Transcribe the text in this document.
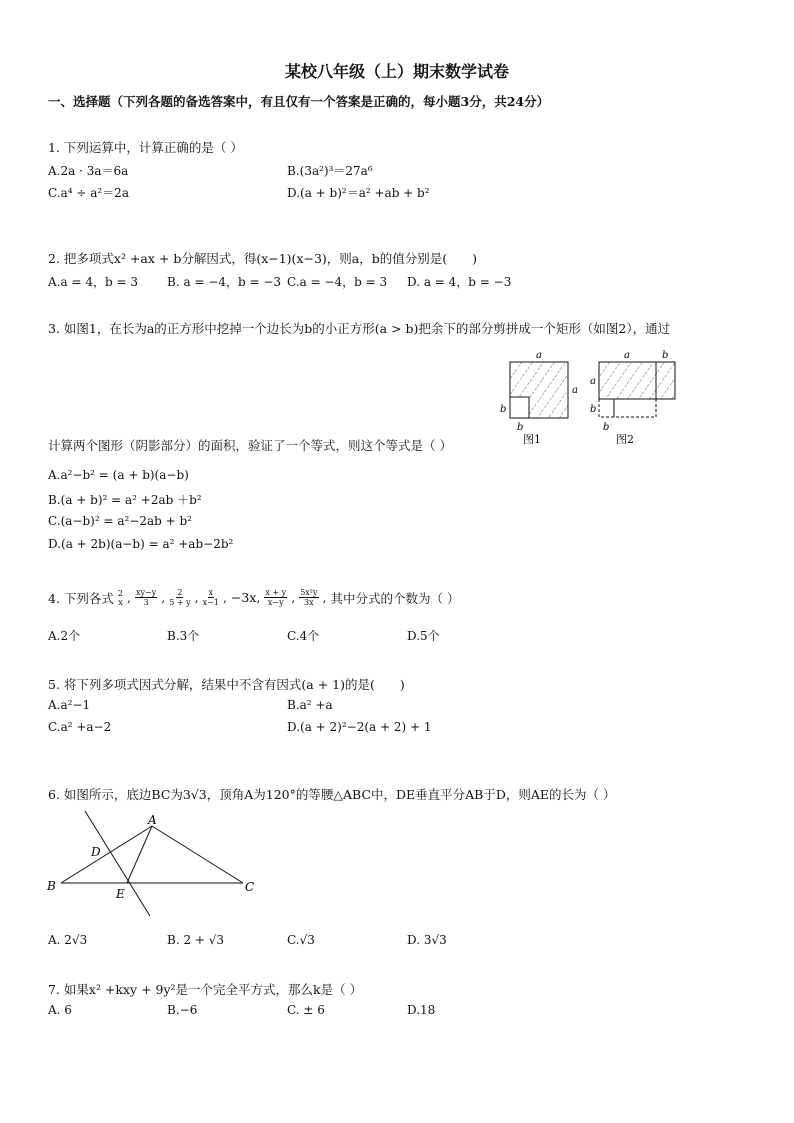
某校八年级（上）期末数学试卷
一、选择题（下列各题的备选答案中，有且仅有一个答案是正确的，每小题3分，共24分）
1. 下列运算中，计算正确的是（ ）
A.2a · 3a＝6a	B.(3a²)³＝27a⁶
C.a⁴ ÷ a²＝2a	D.(a + b)²＝a² +ab + b²
2. 把多项式x² +ax + b分解因式，得(x−1)(x−3)，则a，b的值分别是(　　)
A.a = 4，b = 3 B. a = −4，b = −3 C.a = −4，b = 3 D. a = 4，b = −3
3. 如图1，在长为a的正方形中挖掉一个边长为b的小正方形(a > b)把余下的部分剪拼成一个矩形（如图2），通过
计算两个图形（阴影部分）的面积，验证了一个等式，则这个等式是（ ）
a
a
b
b
图1
a	b
a
b
b
图2
A.a²−b² = (a + b)(a−b)
B.(a + b)² = a² +2ab ＋b²
C.(a−b)² = a²−2ab + b²
D.(a + 2b)(a−b) = a² +ab−2b²
4. 下列各式 2
x , $\frac{xy-y}{3}$ , $\frac{2}{5 + y}$ , $\frac{x}{x-1}$ , −3x, $\frac{x + y}{x-y}$ , $\frac{\text{5x²y}}{3x}$ , 其中分式的个数为（ ）
A.2个	B.3个	C.4个	D.5个
5. 将下列多项式因式分解，结果中不含有因式(a + 1)的是(　　)
A.a²−1	B.a² +a
C.a² +a−2	D.(a + 2)²−2(a + 2) + 1
6. 如图所示，底边BC为3√3，顶角A为120°的等腰△ABC中，DE垂直平分AB于D，则AE的长为（ ）
A
B	C
D
E
A. 2√3	B. 2 + √3	C.√3	D. 3√3
7. 如果x² +kxy + 9y²是一个完全平方式，那么k是（ ）
A. 6	B.−6	C. ± 6	D.18
